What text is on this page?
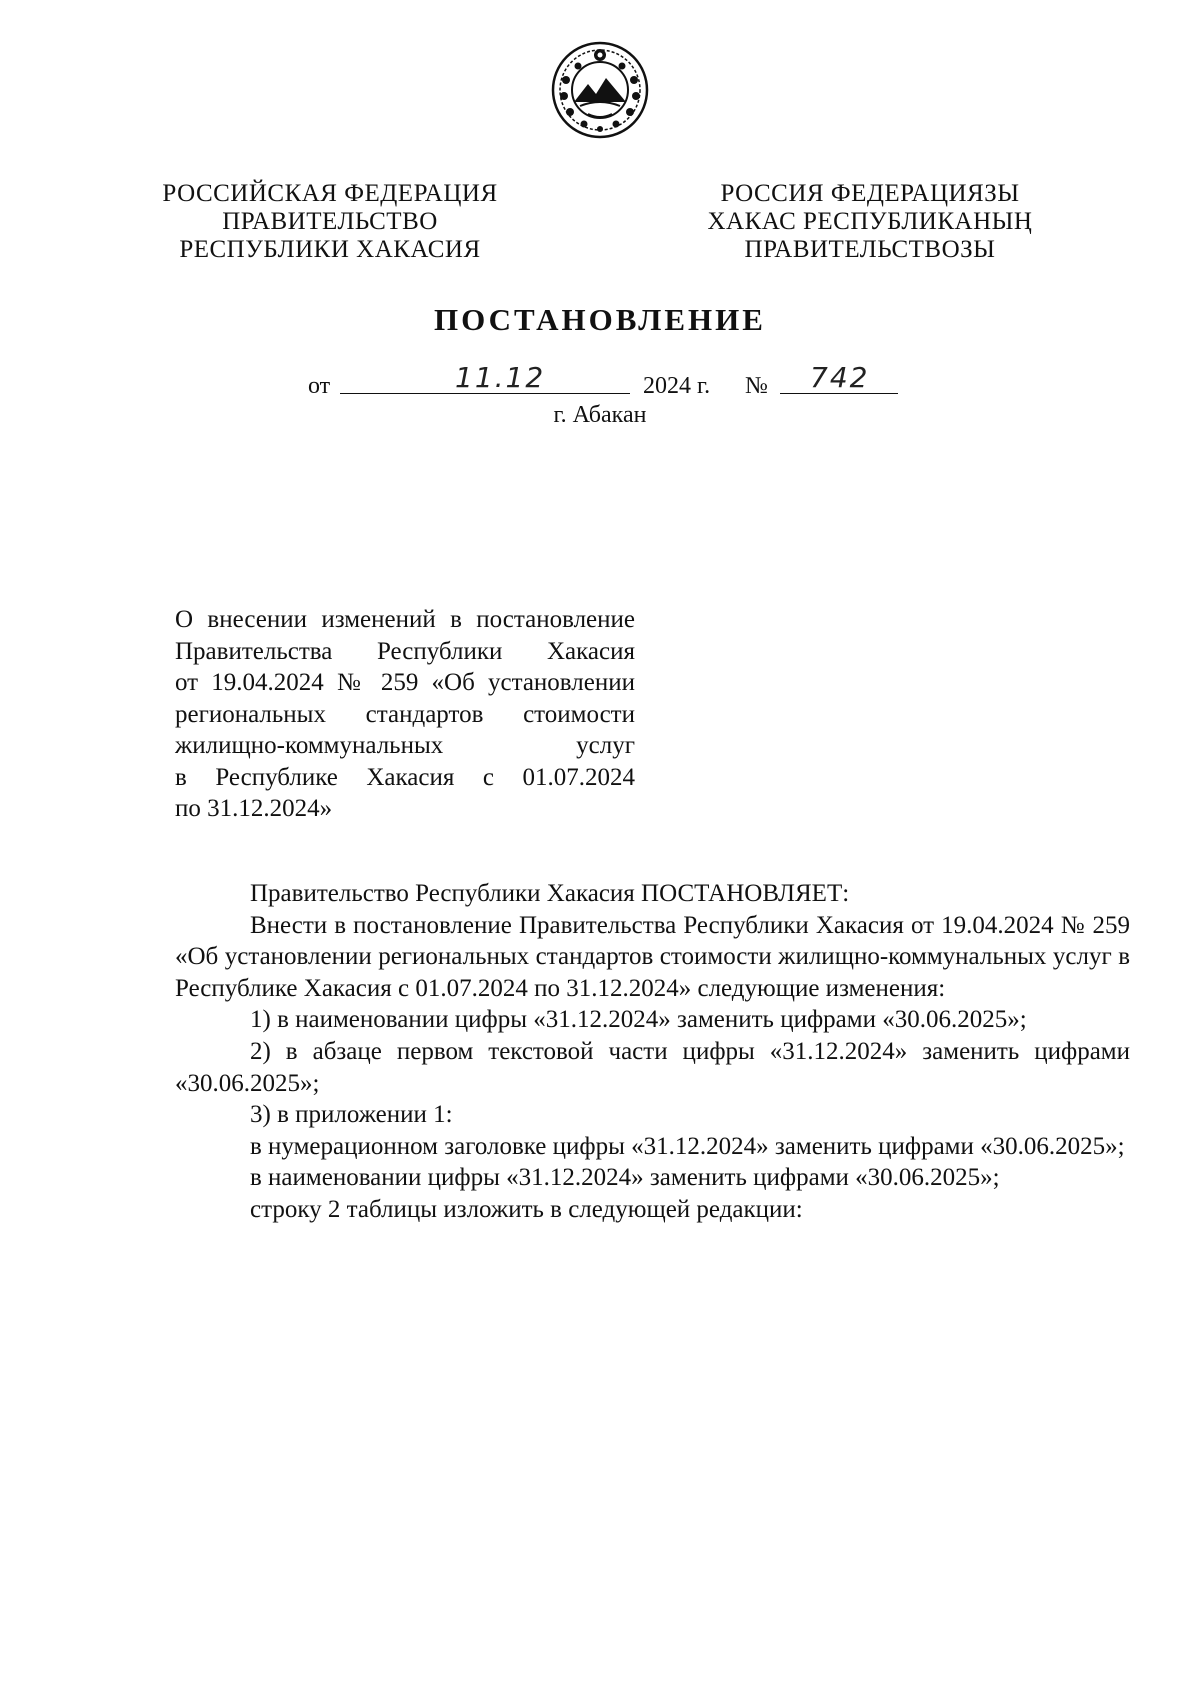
РОССИЙСКАЯ ФЕДЕРАЦИЯ
ПРАВИТЕЛЬСТВО
РЕСПУБЛИКИ ХАКАСИЯ
РОССИЯ ФЕДЕРАЦИЯЗЫ
ХАКАС РЕСПУБЛИКАНЫҢ
ПРАВИТЕЛЬСТВОЗЫ
ПОСТАНОВЛЕНИЕ
от	11.12	2024 г. № 742
г. Абакан
О внесении изменений в постановление
Правительства Республики Хакасия
от 19.04.2024 № 259 «Об установлении
региональных стандартов стоимости
жилищно-коммунальных услуг
в Республике Хакасия с 01.07.2024
по 31.12.2024»

Правительство Республики Хакасия ПОСТАНОВЛЯЕТ:

Внести в постановление Правительства Республики Хакасия от 19.04.2024 № 259 «Об установлении региональных стандартов стоимости жилищно-коммунальных услуг в Республике Хакасия с 01.07.2024 по 31.12.2024» следующие изменения:

1) в наименовании цифры «31.12.2024» заменить цифрами «30.06.2025»;

2) в абзаце первом текстовой части цифры «31.12.2024» заменить цифрами «30.06.2025»;

3) в приложении 1:

в нумерационном заголовке цифры «31.12.2024» заменить цифрами «30.06.2025»;

в наименовании цифры «31.12.2024» заменить цифрами «30.06.2025»;

строку 2 таблицы изложить в следующей редакции:
